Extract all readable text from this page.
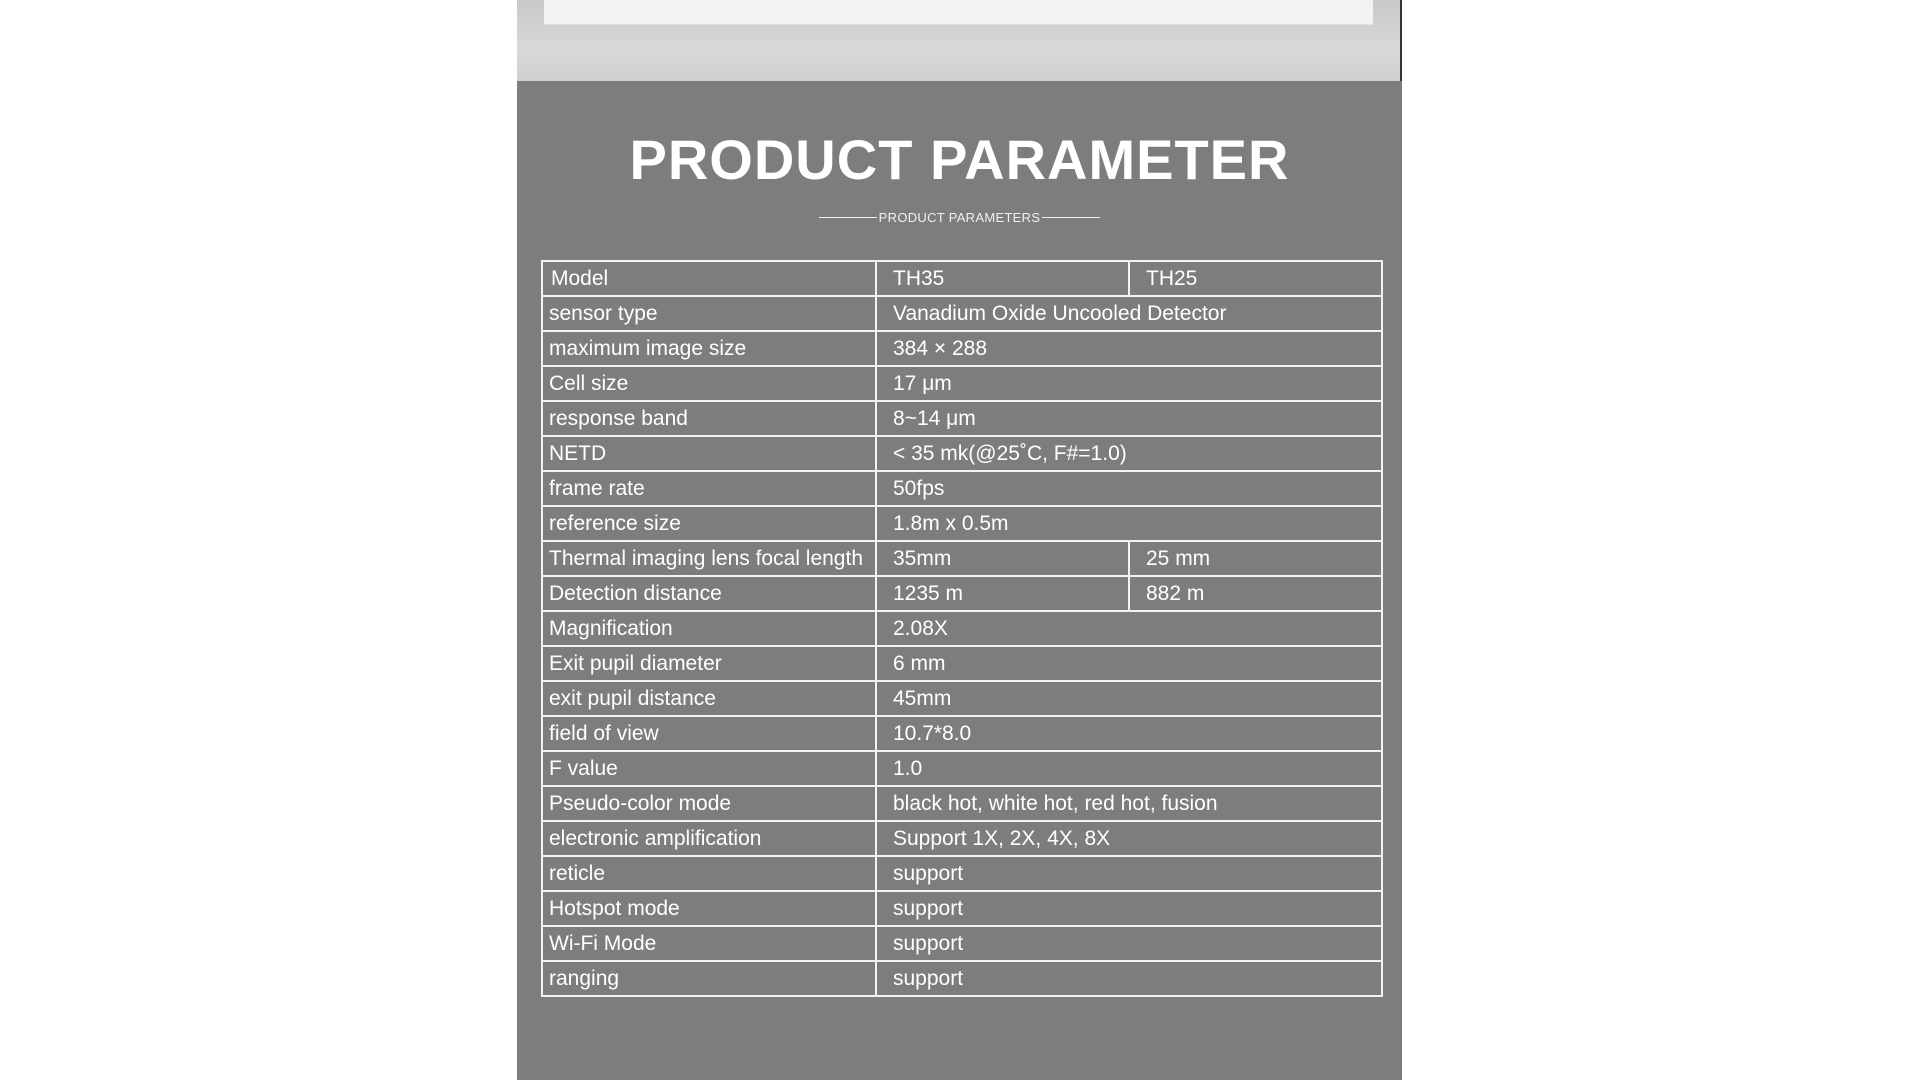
PRODUCT PARAMETER
PRODUCT PARAMETERS
Model	TH35	TH25
sensor type	Vanadium Oxide Uncooled Detector	
maximum image size	384 × 288	
Cell size	17 μm	
response band	8~14 μm	
NETD	< 35 mk(@25˚C, F#=1.0)	
frame rate	50fps	
reference size	1.8m x 0.5m	
Thermal imaging lens focal length	35mm	25 mm
Detection distance	1235 m	882 m
Magnification	2.08X	
Exit pupil diameter	6 mm	
exit pupil distance	45mm	
field of view	10.7*8.0	
F value	1.0	
Pseudo-color mode	black hot, white hot, red hot, fusion	
electronic amplification	Support 1X, 2X, 4X, 8X	
reticle	support	
Hotspot mode	support	
Wi-Fi Mode	support	
ranging	support	
